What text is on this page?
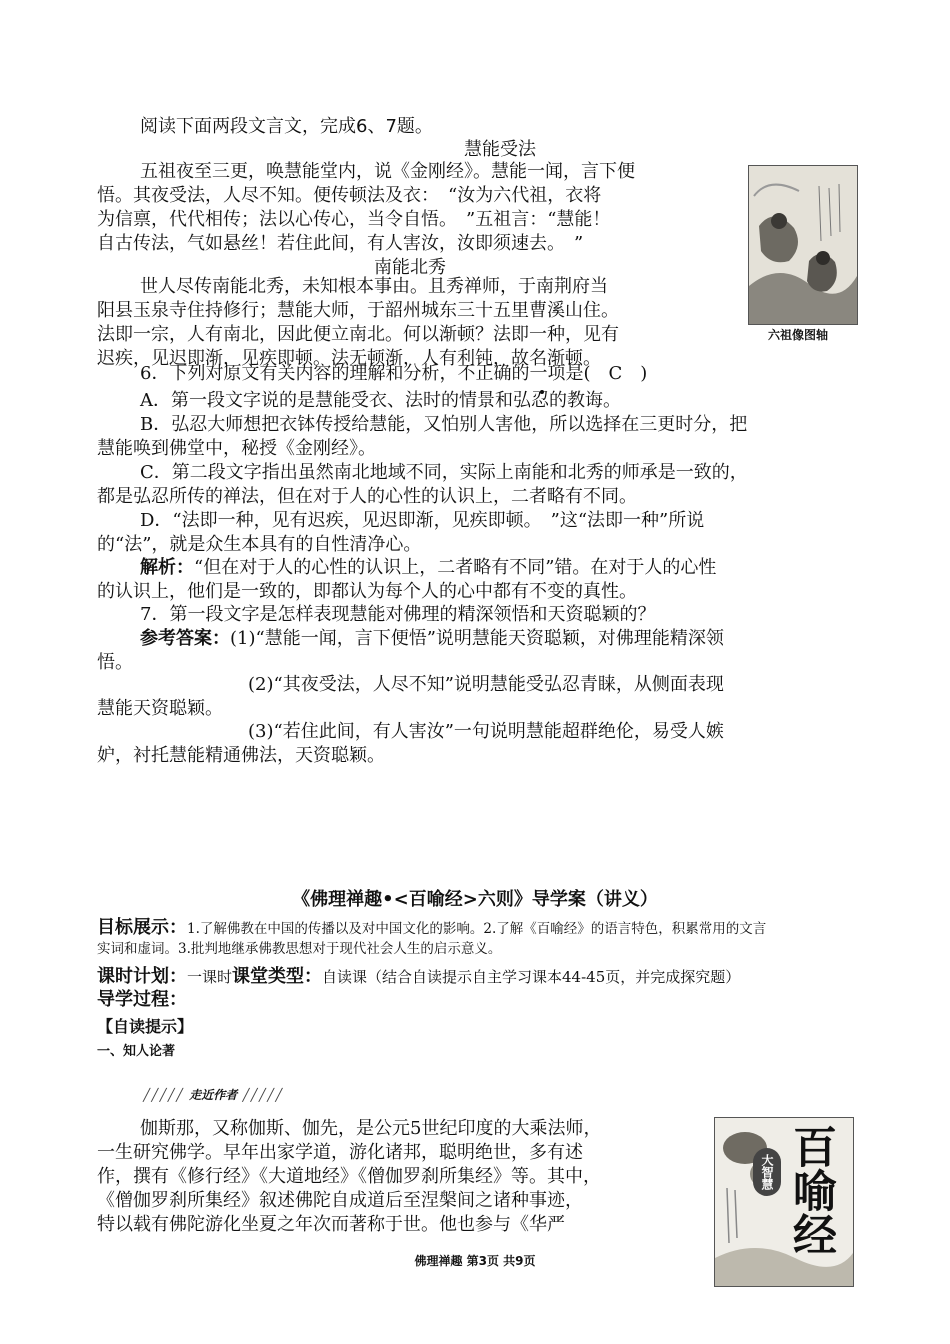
阅读下面两段文言文，完成6、7题。
慧能受法
五祖夜至三更，唤慧能堂内，说《金刚经》。慧能一闻，言下便
悟。其夜受法，人尽不知。便传顿法及衣：　“汝为六代祖，衣将
为信禀，代代相传；法以心传心，当令自悟。　”五祖言：“慧能！
自古传法，气如悬丝！若住此间，有人害汝，汝即须速去。　”
南能北秀
世人尽传南能北秀，未知根本事由。且秀禅师，于南荆府当
阳县玉泉寺住持修行；慧能大师，于韶州城东三十五里曹溪山住。
法即一宗，人有南北，因此便立南北。何以渐顿？法即一种，见有
迟疾，见迟即渐，见疾即顿。法无顿渐，人有利钝，故名渐顿。
六祖像图轴
6．下列对原文有关内容的理解和分析，不正确的一项是(　C　)
A．第一段文字说的是慧能受衣、法时的情景和弘忍的教诲。
B．弘忍大师想把衣钵传授给慧能，又怕别人害他，所以选择在三更时分，把
慧能唤到佛堂中，秘授《金刚经》。
C．第二段文字指出虽然南北地域不同，实际上南能和北秀的师承是一致的，
都是弘忍所传的禅法，但在对于人的心性的认识上，二者略有不同。
D．“法即一种，见有迟疾，见迟即渐，见疾即顿。　”这“法即一种”所说
的“法”，就是众生本具有的自性清净心。
解析：“但在对于人的心性的认识上，二者略有不同”错。在对于人的心性
的认识上，他们是一致的，即都认为每个人的心中都有不变的真性。
7．第一段文字是怎样表现慧能对佛理的精深领悟和天资聪颖的？
参考答案：(1)“慧能一闻，言下便悟”说明慧能天资聪颖，对佛理能精深领
悟。
(2)“其夜受法，人尽不知”说明慧能受弘忍青睐，从侧面表现
慧能天资聪颖。
(3)“若住此间，有人害汝”一句说明慧能超群绝伦，易受人嫉
妒，衬托慧能精通佛法，天资聪颖。
《佛理禅趣•<百喻经>六则》导学案（讲义）
目标展示：1.了解佛教在中国的传播以及对中国文化的影响。2.了解《百喻经》的语言特色，积累常用的文言
实词和虚词。3.批判地继承佛教思想对于现代社会人生的启示意义。
课时计划：一课时课堂类型：自读课（结合自读提示自主学习课本44-45页，并完成探究题）
导学过程：
【自读提示】
一、知人论著
╱╱╱╱╱ 走近作者 ╱╱╱╱╱
伽斯那，又称伽斯、伽先，是公元5世纪印度的大乘法师，
一生研究佛学。早年出家学道，游化诸邦，聪明绝世，多有述
作，撰有《修行经》《大道地经》《僧伽罗刹所集经》等。其中，
《僧伽罗刹所集经》叙述佛陀自成道后至涅槃间之诸种事迹，
特以载有佛陀游化坐夏之年次而著称于世。他也参与《华严	百喻经
大智慧
佛理禅趣 第3页 共9页
